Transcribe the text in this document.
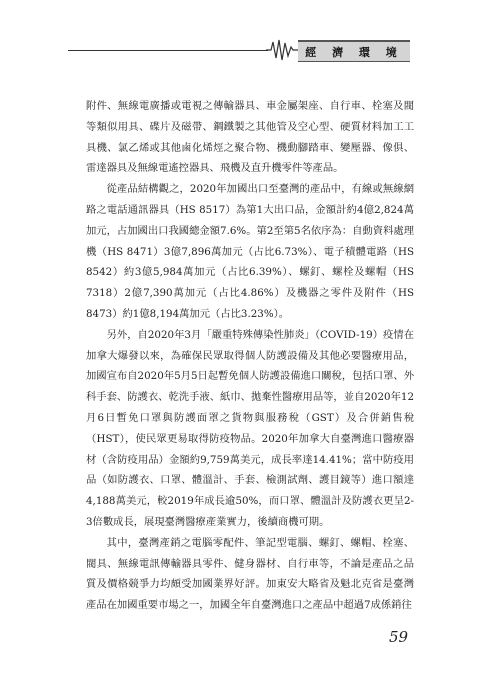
經 濟 環 境

附件、無線電廣播或電視之傳輸器具、車金屬架座、自行車、栓塞及閥等類似用具、碟片及磁帶、鋼鐵製之其他管及空心型、硬質材料加工工具機、氯乙烯或其他鹵化烯烴之聚合物、機動腳踏車、變壓器、像俱、雷達器具及無線電遙控器具、飛機及直升機零件等產品。

從產品結構觀之，2020年加國出口至臺灣的產品中，有線或無線網路之電話通訊器具（HS 8517）為第1大出口品，金額計約4億2,824萬加元，占加國出口我國總金額7.6%。第2至第5名依序為：自動資料處理機（HS 8471）3億7,896萬加元（占比6.73%）、電子積體電路（HS 8542）約3億5,984萬加元（占比6.39%）、螺釘、螺栓及螺帽（HS 7318）2億7,390萬加元（占比4.86%）及機器之零件及附件（HS 8473）約1億8,194萬加元（占比3.23%）。

另外，自2020年3月「嚴重特殊傳染性肺炎」（COVID-19）疫情在加拿大爆發以來，為確保民眾取得個人防護設備及其他必要醫療用品，加國宣布自2020年5月5日起暫免個人防護設備進口關稅，包括口罩、外科手套、防護衣、乾洗手液、紙巾、拋棄性醫療用品等，並自2020年12月6日暫免口罩與防護面罩之貨物與服務稅（GST）及合併銷售稅（HST），使民眾更易取得防疫物品。2020年加拿大自臺灣進口醫療器材（含防疫用品）金額約9,759萬美元，成長率達14.41%；當中防疫用品（如防護衣、口罩、體溫計、手套、檢測試劑、護目鏡等）進口額達4,188萬美元，較2019年成長逾50%，而口罩、體溫計及防護衣更呈2-3倍數成長，展現臺灣醫療產業實力，後續商機可期。

其中，臺灣產銷之電腦零配件、筆記型電腦、螺釘、螺帽、栓塞、閥具、無線電訊傳輸器具零件、健身器材、自行車等，不論是產品之品質及價格競爭力均頗受加國業界好評。加東安大略省及魁北克省是臺灣產品在加國重要市場之一，加國全年自臺灣進口之產品中超過7成係銷往

59
